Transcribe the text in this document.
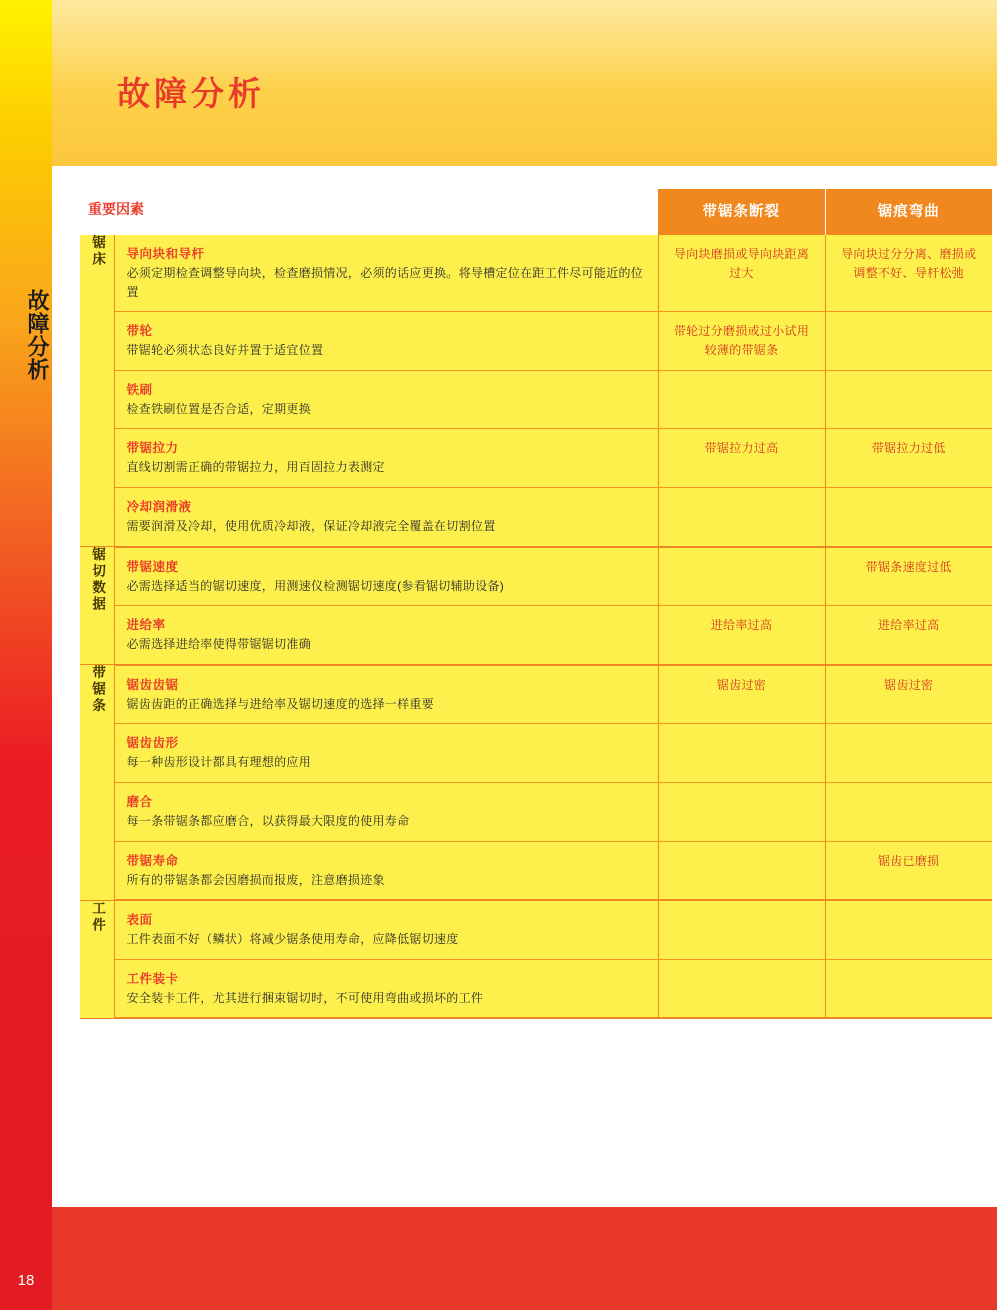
故障分析
18
故障分析
重要因素		带锯条断裂	锯痕弯曲
锯床	导向块和导杆
必须定期检查调整导向块，检查磨损情况，必须的话应更换。将导槽定位在距工件尽可能近的位置	导向块磨损或导向块距离过大	导向块过分分离、磨损或调整不好、导杆松弛

	带轮
带锯轮必须状态良好并置于适宜位置	带轮过分磨损或过小试用较薄的带锯条	

	铁刷
检查铁刷位置是否合适，定期更换		

	带锯拉力
直线切割需正确的带锯拉力，用百固拉力表测定	带锯拉力过高	带锯拉力过低

	冷却润滑液
需要润滑及冷却，使用优质冷却液，保证冷却液完全覆盖在切割位置		

锯切数据	带锯速度
必需选择适当的锯切速度，用测速仪检测锯切速度(参看锯切辅助设备)		带锯条速度过低

	进给率
必需选择进给率使得带锯锯切准确	进给率过高	进给率过高
带锯条	锯齿齿锯
锯齿齿距的正确选择与进给率及锯切速度的选择一样重要	锯齿过密	锯齿过密

	锯齿齿形
每一种齿形设计都具有理想的应用		

	磨合
每一条带锯条都应磨合，以获得最大限度的使用寿命		

	带锯寿命
所有的带锯条都会因磨损而报废，注意磨损迹象		锯齿已磨损
工件	表面
工件表面不好（鳞状）将减少锯条使用寿命，应降低锯切速度		

	工件装卡
安全装卡工件，尤其进行捆束锯切时，不可使用弯曲或损坏的工件		
